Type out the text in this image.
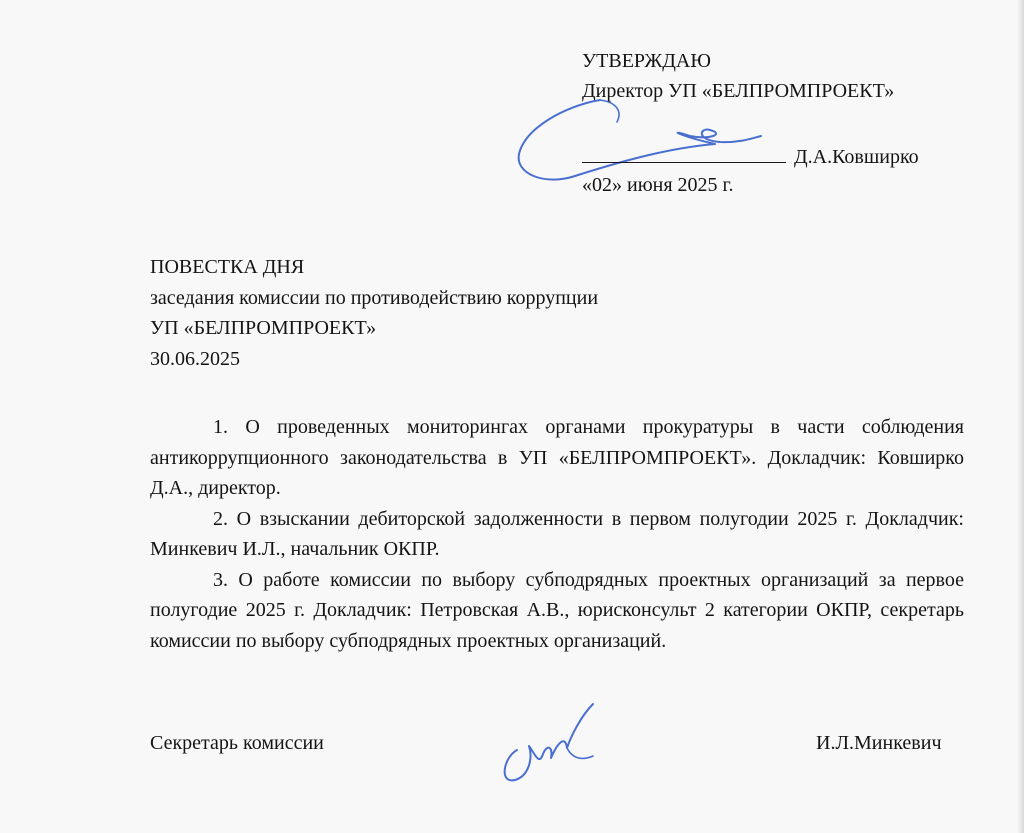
УТВЕРЖДАЮ
Директор УП «БЕЛПРОМПРОЕКТ»
Д.А.Ковширко
«02» июня 2025 г.
ПОВЕСТКА ДНЯ
заседания комиссии по противодействию коррупции
УП «БЕЛПРОМПРОЕКТ»
30.06.2025

1. О проведенных мониторингах органами прокуратуры в части соблюдения антикоррупционного законодательства в УП «БЕЛПРОМПРОЕКТ». Докладчик: Ковширко Д.А., директор.

2. О взыскании дебиторской задолженности в первом полугодии 2025 г. Докладчик: Минкевич И.Л., начальник ОКПР.

3. О работе комиссии по выбору субподрядных проектных организаций за первое полугодие 2025 г. Докладчик: Петровская А.В., юрисконсульт 2 категории ОКПР, секретарь комиссии по выбору субподрядных проектных организаций.

Секретарь комиссии	И.Л.Минкевич
